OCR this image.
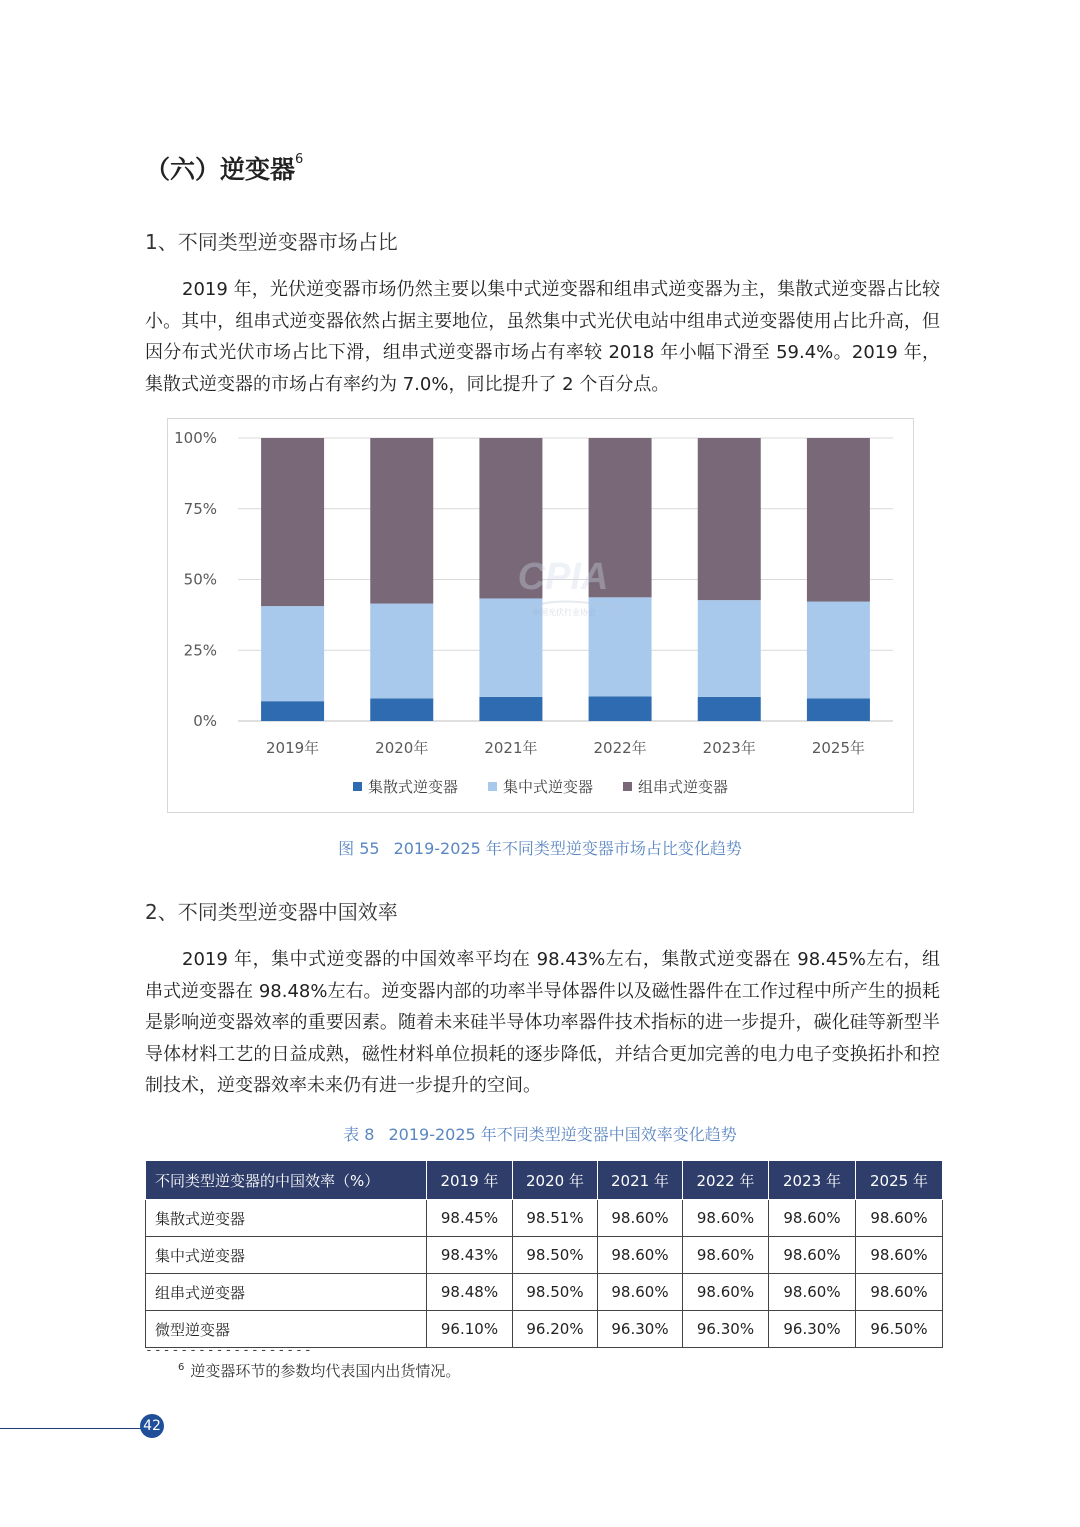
（六）逆变器$^6$
1、不同类型逆变器市场占比

2019 年，光伏逆变器市场仍然主要以集中式逆变器和组串式逆变器为主，集散式逆变器占比较小。其中，组串式逆变器依然占据主要地位，虽然集中式光伏电站中组串式逆变器使用占比升高，但因分布式光伏市场占比下滑，组串式逆变器市场占有率较 2018 年小幅下滑至 59.4%。2019 年，集散式逆变器的市场占有率约为 7.0%，同比提升了 2 个百分点。

CPIA
中国光伏行业协会
0%
25%
50%
75%
100%
2019年	2020年	2021年	2022年	2023年	2025年
集散式逆变器	集中式逆变器	组串式逆变器
图 55 2019-2025 年不同类型逆变器市场占比变化趋势
2、不同类型逆变器中国效率

2019 年，集中式逆变器的中国效率平均在 98.43%左右，集散式逆变器在 98.45%左右，组串式逆变器在 98.48%左右。逆变器内部的功率半导体器件以及磁性器件在工作过程中所产生的损耗是影响逆变器效率的重要因素。随着未来硅半导体功率器件技术指标的进一步提升，碳化硅等新型半导体材料工艺的日益成熟，磁性材料单位损耗的逐步降低，并结合更加完善的电力电子变换拓扑和控制技术，逆变器效率未来仍有进一步提升的空间。

表 8 2019-2025 年不同类型逆变器中国效率变化趋势
不同类型逆变器的中国效率（%）	2019 年	2020 年	2021 年	2022 年	2023 年	2025 年
集散式逆变器	98.45%	98.51%	98.60%	98.60%	98.60%	98.60%
集中式逆变器	98.43%	98.50%	98.60%	98.60%	98.60%	98.60%
组串式逆变器	98.48%	98.50%	98.60%	98.60%	98.60%	98.60%
微型逆变器	96.10%	96.20%	96.30%	96.30%	96.30%	96.50%
-------------------
$^6$ 逆变器环节的参数均代表国内出货情况。
42
